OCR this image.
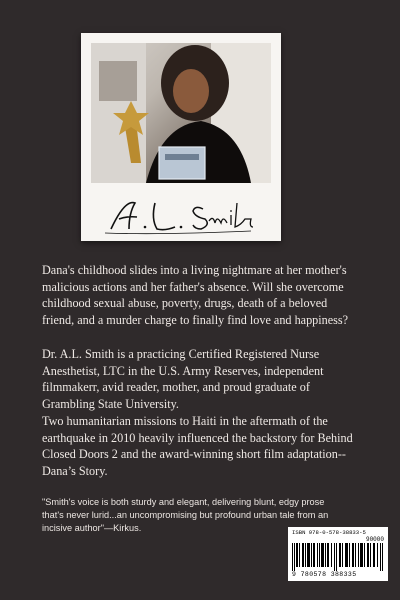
Dana's childhood slides into a living nightmare at her mother's malicious actions and her father's absence. Will she overcome childhood sexual abuse, poverty, drugs, death of a beloved friend, and a murder charge to finally find love and happiness?
Dr. A.L. Smith is a practicing Certified Registered Nurse Anesthetist, LTC in the U.S. Army Reserves, independent filmmakerr, avid reader, mother, and proud graduate of Grambling State University.
Two humanitarian missions to Haiti in the aftermath of the earthquake in 2010 heavily influenced the backstory for Behind Closed Doors 2 and the award-winning short film adaptation--Dana’s Story.
"Smith's voice is both sturdy and elegant, delivering blunt, edgy prose that's never lurid...an uncompromising but profound urban tale from an incisive author"—Kirkus.	ISBN 978-0-578-38833-5
90000
9 780578 388335
